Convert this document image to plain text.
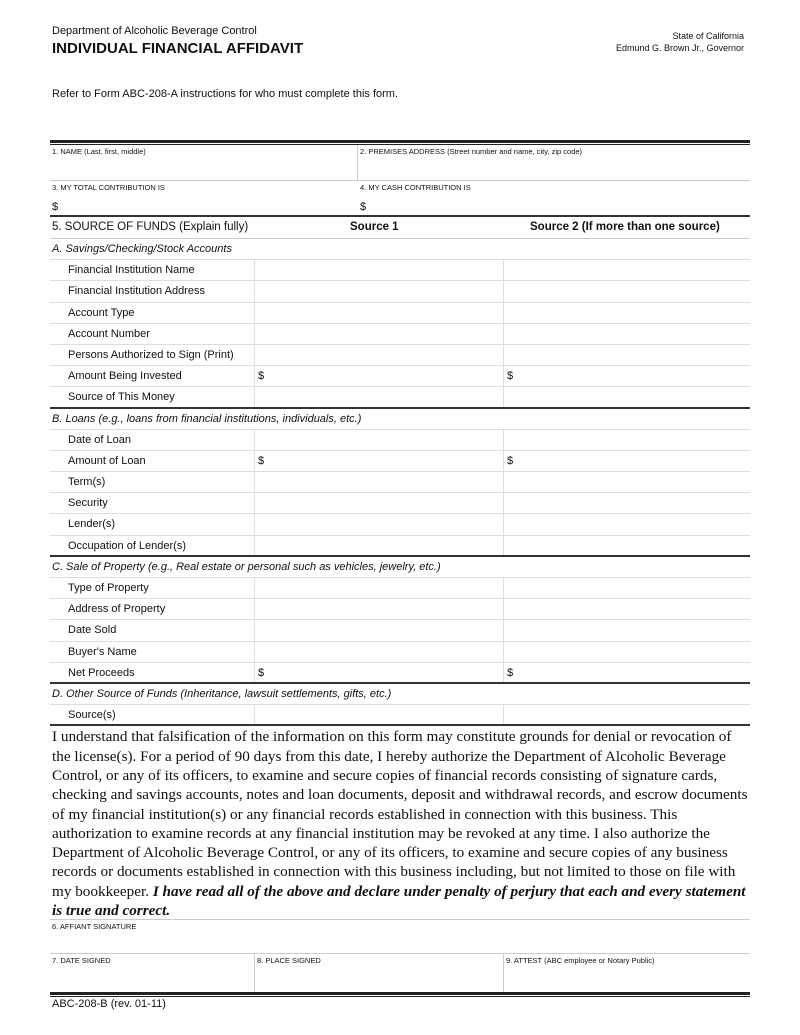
Department of Alcoholic Beverage Control
INDIVIDUAL FINANCIAL AFFIDAVIT
State of California
Edmund G. Brown Jr., Governor
Refer to Form ABC-208-A instructions for who must complete this form.
1. NAME (Last, first, middle)	2. PREMISES ADDRESS (Street number and name, city, zip code)
3. MY TOTAL CONTRIBUTION IS
$
4. MY CASH CONTRIBUTION IS
$
5. SOURCE OF FUNDS (Explain fully)	Source 1	Source 2 (If more than one source)
A. Savings/Checking/Stock Accounts
Financial Institution Name
Financial Institution Address
Account Type
Account Number
Persons Authorized to Sign (Print)
Amount Being Invested	$	$
Source of This Money
B. Loans (e.g., loans from financial institutions, individuals, etc.)
Date of Loan
Amount of Loan	$	$
Term(s)
Security
Lender(s)
Occupation of Lender(s)
C. Sale of Property (e.g., Real estate or personal such as vehicles, jewelry, etc.)
Type of Property
Address of Property
Date Sold
Buyer's Name
Net Proceeds	$	$
D. Other Source of Funds (Inheritance, lawsuit settlements, gifts, etc.)
Source(s)
I understand that falsification of the information on this form may constitute grounds for denial or revocation of the license(s). For a period of 90 days from this date, I hereby authorize the Department of Alcoholic Beverage Control, or any of its officers, to examine and secure copies of financial records consisting of signature cards, checking and savings accounts, notes and loan documents, deposit and withdrawal records, and escrow documents of my financial institution(s) or any financial records established in connection with this business. This authorization to examine records at any financial institution may be revoked at any time. I also authorize the Department of Alcoholic Beverage Control, or any of its officers, to examine and secure copies of any business records or documents established in connection with this business including, but not limited to those on file with my bookkeeper. I have read all of the above and declare under penalty of perjury that each and every statement is true and correct.
6. AFFIANT SIGNATURE
7. DATE SIGNED	8. PLACE SIGNED	9. ATTEST (ABC employee or Notary Public)
ABC-208-B (rev. 01-11)
